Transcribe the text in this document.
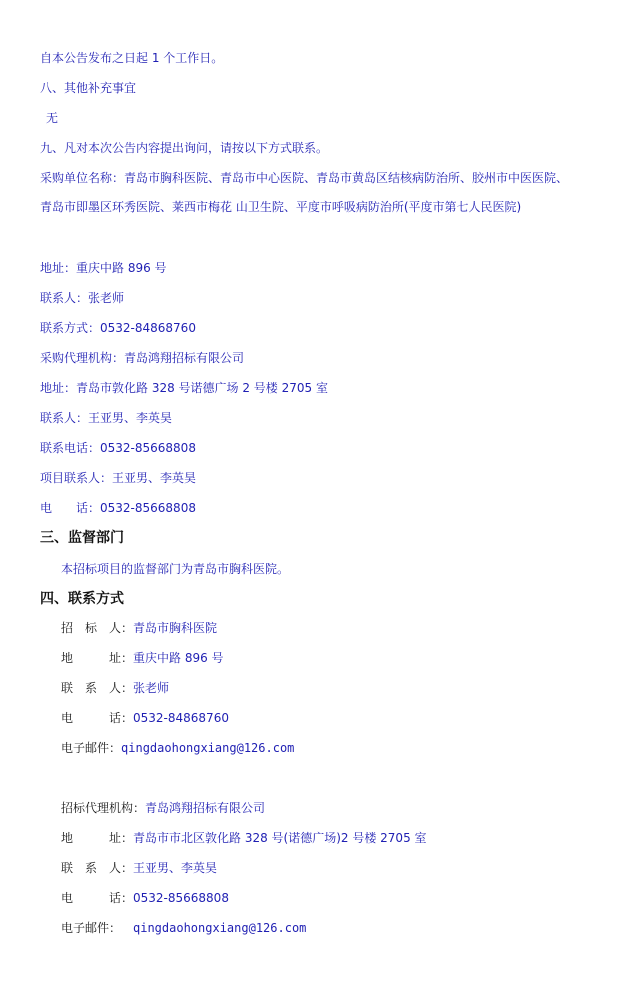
自本公告发布之日起 1 个工作日。
八、其他补充事宜
无
九、凡对本次公告内容提出询问，请按以下方式联系。
采购单位名称：青岛市胸科医院、青岛市中心医院、青岛市黄岛区结核病防治所、胶州市中医医院、青岛市即墨区环秀医院、莱西市梅花 山卫生院、平度市呼吸病防治所(平度市第七人民医院)
地址：重庆中路 896 号
联系人：张老师
联系方式：0532-84868760
采购代理机构：青岛鸿翔招标有限公司
地址：青岛市敦化路 328 号诺德广场 2 号楼 2705 室
联系人：王亚男、李英昊
联系电话：0532-85668808
项目联系人：王亚男、李英昊
电　　话：0532-85668808
三、监督部门
本招标项目的监督部门为青岛市胸科医院。
四、联系方式
招　标　人：青岛市胸科医院
地　　　址：重庆中路 896 号
联　系　人：张老师
电　　　话：0532-84868760
电子邮件：qingdaohongxiang@126.com
招标代理机构：青岛鸿翔招标有限公司
地　　　址：青岛市市北区敦化路 328 号(诺德广场)2 号楼 2705 室
联　系　人：王亚男、李英昊
电　　　话：0532-85668808
电子邮件： qingdaohongxiang@126.com
